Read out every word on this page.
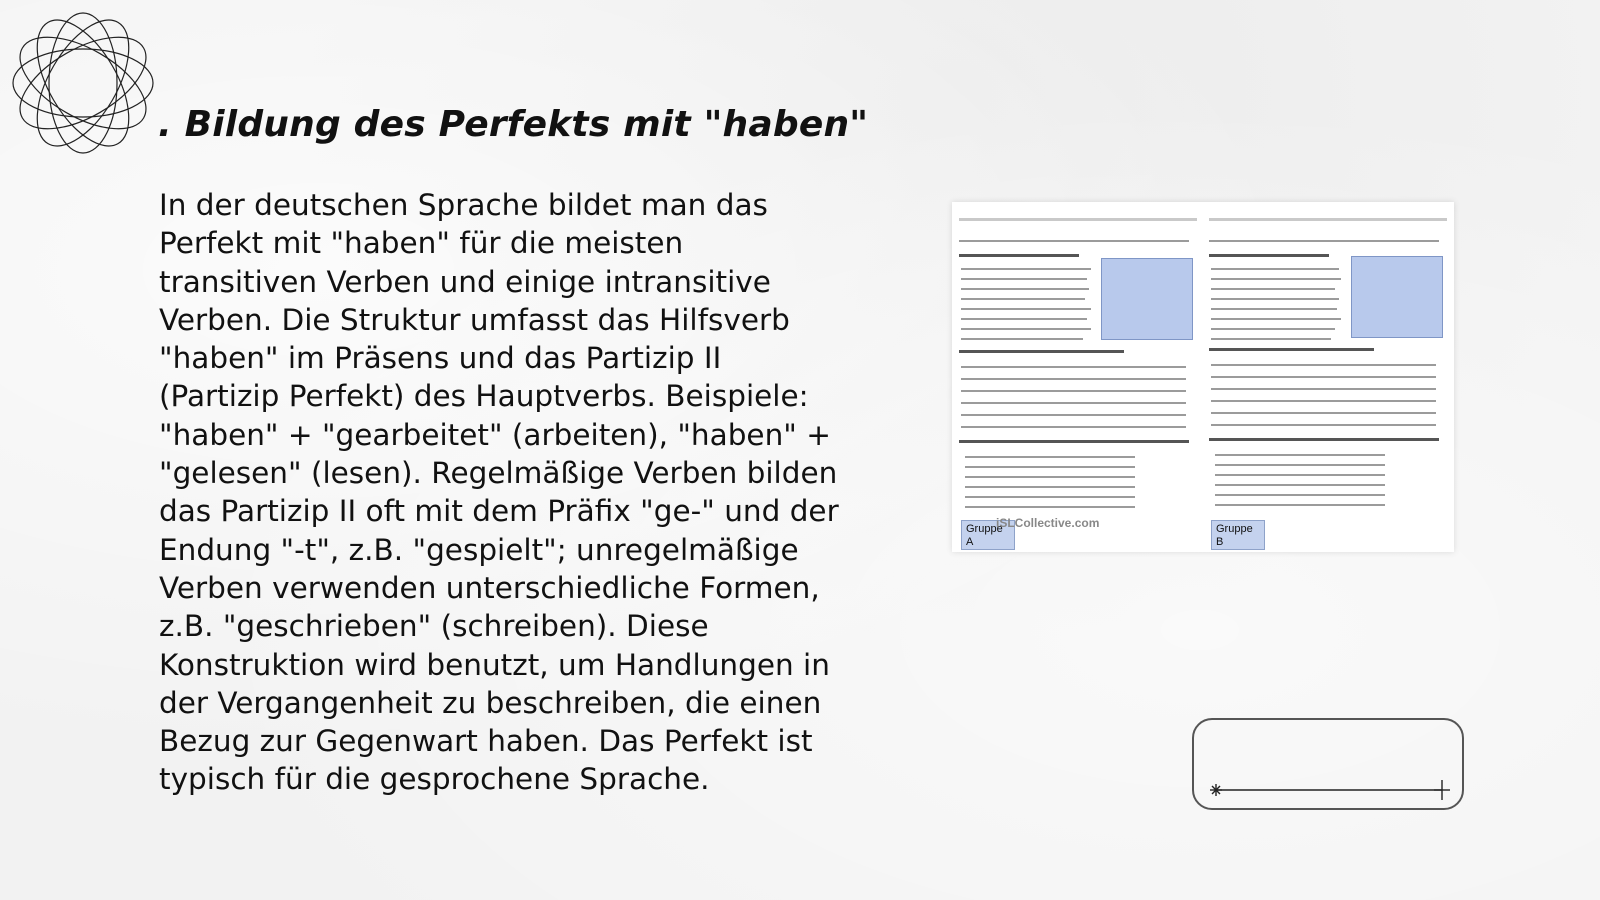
. Bildung des Perfekts mit "haben"

In der deutschen Sprache bildet man das Perfekt mit "haben" für die meisten transitiven Verben und einige intransitive Verben. Die Struktur umfasst das Hilfsverb "haben" im Präsens und das Partizip II (Partizip Perfekt) des Hauptverbs. Beispiele: "haben" + "gearbeitet" (arbeiten), "haben" + "gelesen" (lesen). Regelmäßige Verben bilden das Partizip II oft mit dem Präfix "ge-" und der Endung "-t", z.B. "gespielt"; unregelmäßige Verben verwenden unterschiedliche Formen, z.B. "geschrieben" (schreiben). Diese Konstruktion wird benutzt, um Handlungen in der Vergangenheit zu beschreiben, die einen Bezug zur Gegenwart haben. Das Perfekt ist typisch für die gesprochene Sprache.

Gruppe A
iSLCollective.com	Gruppe B
